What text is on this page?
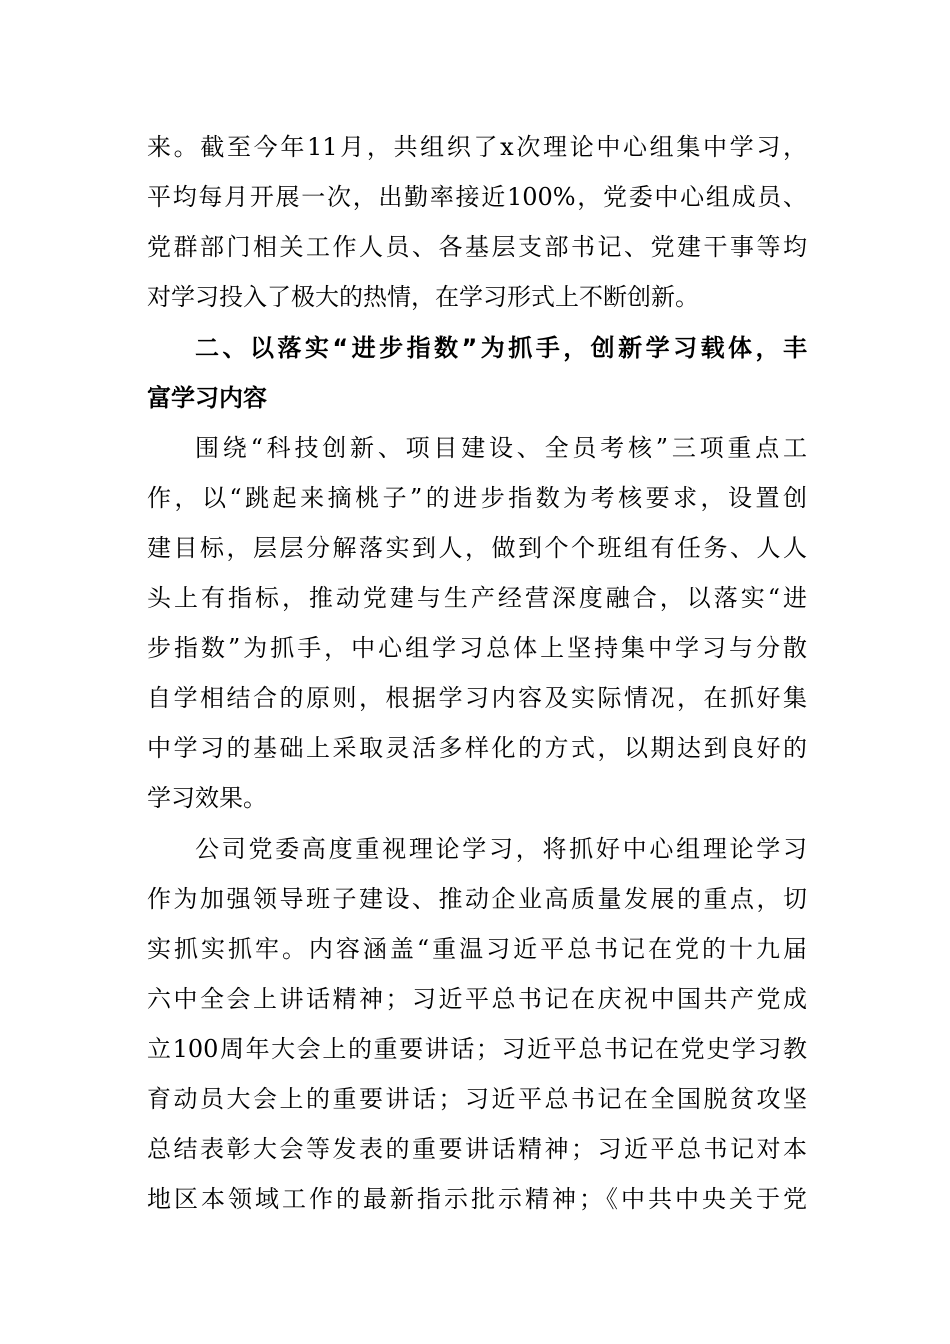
来。截至今年11月，共组织了x次理论中心组集中学习，
平均每月开展一次，出勤率接近100%，党委中心组成员、
党群部门相关工作人员、各基层支部书记、党建干事等均
对学习投入了极大的热情，在学习形式上不断创新。
二、以落实“进步指数”为抓手，创新学习载体，丰
富学习内容
围绕“科技创新、项目建设、全员考核”三项重点工
作，以“跳起来摘桃子”的进步指数为考核要求，设置创
建目标，层层分解落实到人，做到个个班组有任务、人人
头上有指标，推动党建与生产经营深度融合，以落实“进
步指数”为抓手，中心组学习总体上坚持集中学习与分散
自学相结合的原则，根据学习内容及实际情况，在抓好集
中学习的基础上采取灵活多样化的方式，以期达到良好的
学习效果。
公司党委高度重视理论学习，将抓好中心组理论学习
作为加强领导班子建设、推动企业高质量发展的重点，切
实抓实抓牢。内容涵盖“重温习近平总书记在党的十九届
六中全会上讲话精神；习近平总书记在庆祝中国共产党成
立100周年大会上的重要讲话；习近平总书记在党史学习教
育动员大会上的重要讲话；习近平总书记在全国脱贫攻坚
总结表彰大会等发表的重要讲话精神；习近平总书记对本
地区本领域工作的最新指示批示精神；《中共中央关于党
